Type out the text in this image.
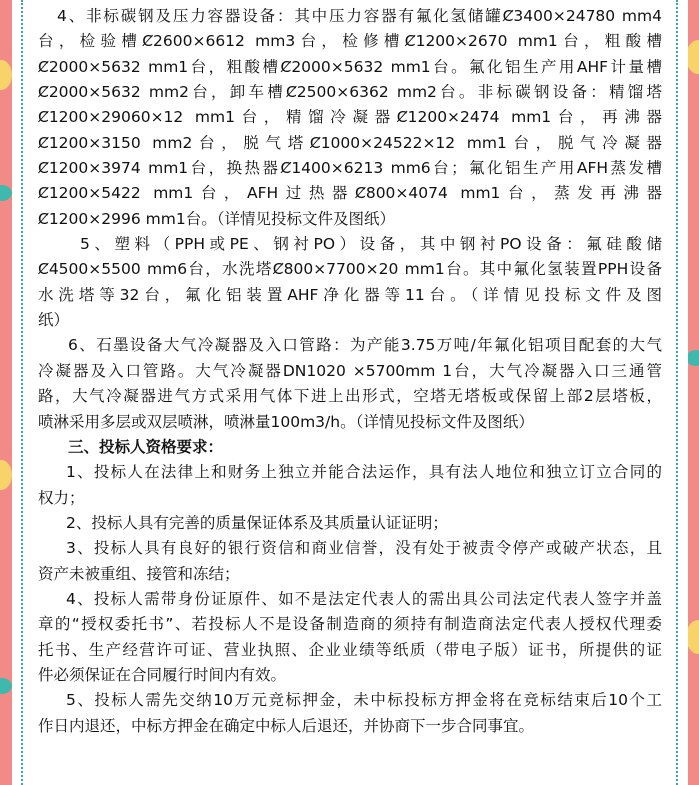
4、非标碳钢及压力容器设备：其中压力容器有氟化氢储罐Ȼ3400×24780 mm4
台，检验槽Ȼ2600×6612 mm3台，检修槽Ȼ1200×2670 mm1台，粗酸槽
Ȼ2000×5632 mm1台，粗酸槽Ȼ2000×5632 mm1台。氟化铝生产用AHF计量槽
Ȼ2000×5632 mm2台，卸车槽Ȼ2500×6362 mm2台。非标碳钢设备：精馏塔
Ȼ1200×29060×12 mm1台，精馏冷凝器Ȼ1200×2474 mm1台，再沸器
Ȼ1200×3150 mm2台，脱气塔Ȼ1000×24522×12 mm1台，脱气冷凝器
Ȼ1200×3974 mm1台，换热器Ȼ1400×6213 mm6台；氟化铝生产用AFH蒸发槽
Ȼ1200×5422 mm1台，AFH过热器Ȼ800×4074 mm1台，蒸发再沸器
Ȼ1200×2996 mm1台。（详情见投标文件及图纸）
5、塑料（PPH或PE、钢衬PO）设备，其中钢衬PO设备：氟硅酸储
Ȼ4500×5500 mm6台，水洗塔Ȼ800×7700×20 mm1台。其中氟化氢装置PPH设备
水洗塔等32台，氟化铝装置AHF净化器等11台。（详情见投标文件及图
纸）
6、石墨设备大气冷凝器及入口管路：为产能3.75万吨/年氟化铝项目配套的大气
冷凝器及入口管路。大气冷凝器DN1020 ×5700mm 1台，大气冷凝器入口三通管
路，大气冷凝器进气方式采用气体下进上出形式，空塔无塔板或保留上部2层塔板，
喷淋采用多层或双层喷淋，喷淋量100m3/h。（详情见投标文件及图纸）
三、投标人资格要求：
1、投标人在法律上和财务上独立并能合法运作，具有法人地位和独立订立合同的
权力；
2、投标人具有完善的质量保证体系及其质量认证证明；
3、投标人具有良好的银行资信和商业信誉，没有处于被责令停产或破产状态，且
资产未被重组、接管和冻结；
4、投标人需带身份证原件、如不是法定代表人的需出具公司法定代表人签字并盖
章的“授权委托书”、若投标人不是设备制造商的须持有制造商法定代表人授权代理委
托书、生产经营许可证、营业执照、企业业绩等纸质（带电子版）证书，所提供的证
件必须保证在合同履行时间内有效。
5、投标人需先交纳10万元竞标押金，未中标投标方押金将在竞标结束后10个工
作日内退还，中标方押金在确定中标人后退还，并协商下一步合同事宜。
